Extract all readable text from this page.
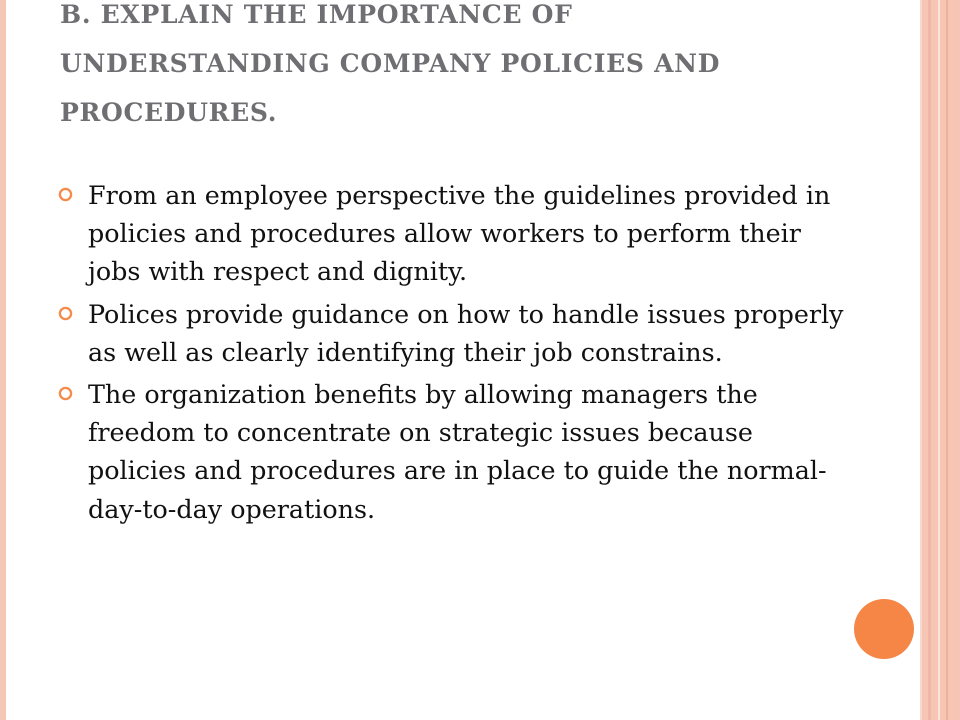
B. EXPLAIN THE IMPORTANCE OF
UNDERSTANDING COMPANY POLICIES AND
PROCEDURES.
From an employee perspective the guidelines provided in policies and procedures allow workers to perform their jobs with respect and dignity.
Polices provide guidance on how to handle issues properly as well as clearly identifying their job constrains.
The organization benefits by allowing managers the freedom to concentrate on strategic issues because policies and procedures are in place to guide the normal-day-to-day operations.
